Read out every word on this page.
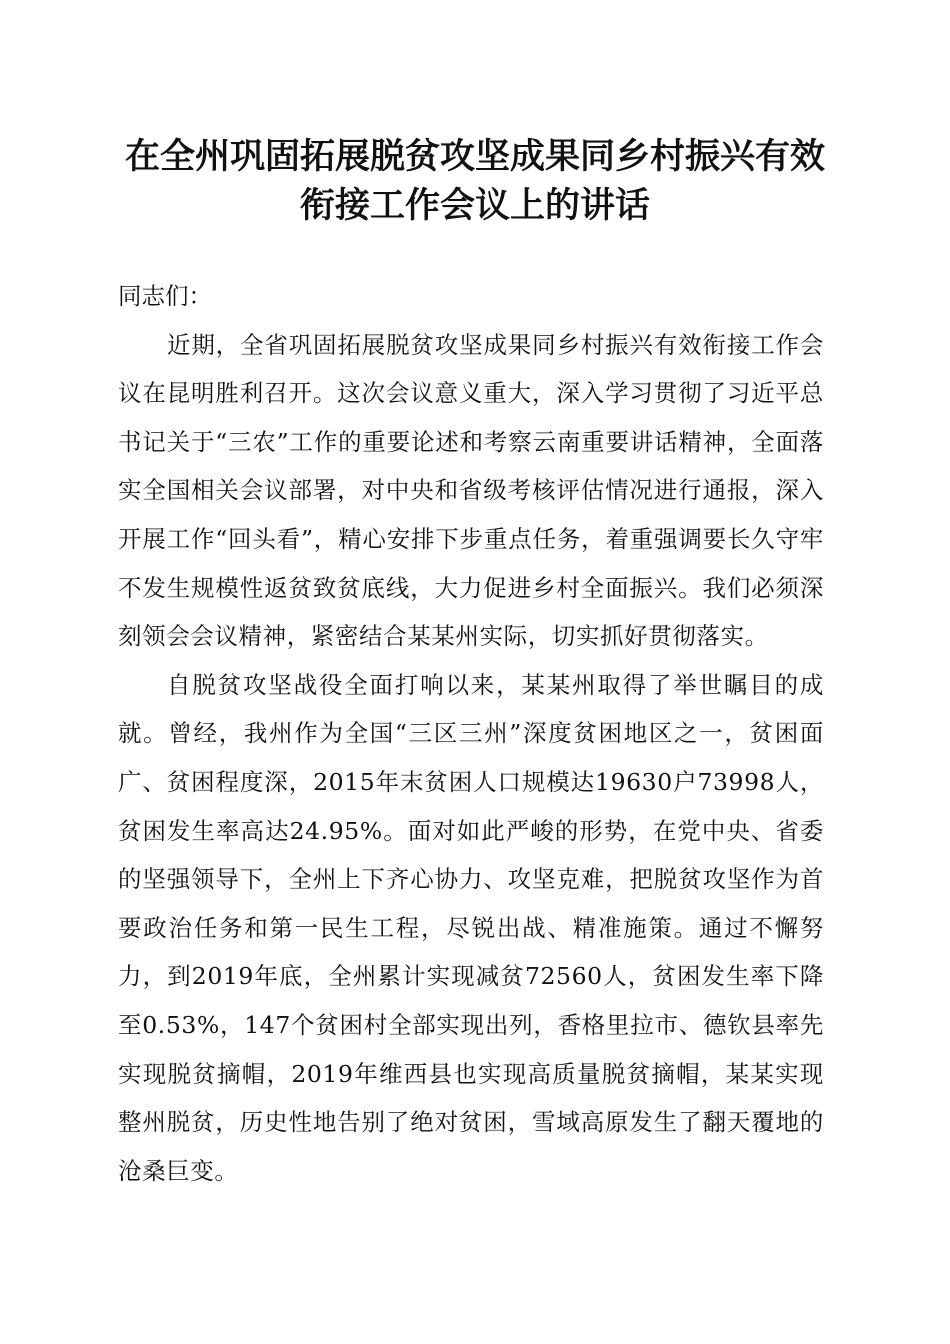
在全州巩固拓展脱贫攻坚成果同乡村振兴有效
衔接工作会议上的讲话

同志们：

近期，全省巩固拓展脱贫攻坚成果同乡村振兴有效衔接工作会议在昆明胜利召开。这次会议意义重大，深入学习贯彻了习近平总书记关于“三农”工作的重要论述和考察云南重要讲话精神，全面落实全国相关会议部署，对中央和省级考核评估情况进行通报，深入开展工作“回头看”，精心安排下步重点任务，着重强调要长久守牢不发生规模性返贫致贫底线，大力促进乡村全面振兴。我们必须深刻领会会议精神，紧密结合某某州实际，切实抓好贯彻落实。

自脱贫攻坚战役全面打响以来，某某州取得了举世瞩目的成就。曾经，我州作为全国“三区三州”深度贫困地区之一，贫困面广、贫困程度深，2015年末贫困人口规模达19630户73998人，贫困发生率高达24.95%。面对如此严峻的形势，在党中央、省委的坚强领导下，全州上下齐心协力、攻坚克难，把脱贫攻坚作为首要政治任务和第一民生工程，尽锐出战、精准施策。通过不懈努力，到2019年底，全州累计实现减贫72560人，贫困发生率下降至0.53%，147个贫困村全部实现出列，香格里拉市、德钦县率先实现脱贫摘帽，2019年维西县也实现高质量脱贫摘帽，某某实现整州脱贫，历史性地告别了绝对贫困，雪域高原发生了翻天覆地的沧桑巨变。
